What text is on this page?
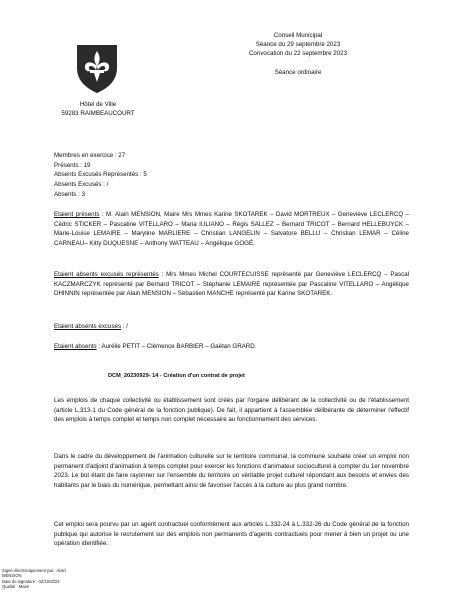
Hôtel de Ville
59283 RAIMBEAUCOURT
Conseil Municipal
Séance du 29 septembre 2023
Convocation du 22 septembre 2023
Séance ordinaire
Membres en exercice : 27
Présents : 19
Absents Excusés Représentés : 5
Absents Excusés : /
Absents : 3
Etaient présents : M. Alain MENSION, Maire Mrs Mmes Karine SKOTAREK – David MORTREUX – Geneviève LECLERCQ – Cédric STICKER – Pascaline VITELLARO – Maria IULIANO – Régis SALLEZ – Bernard TRICOT – Bernard HELLEBUYCK – Marie-Louise LEMAIRE – Maryline MARLIERE – Christian LANGELIN – Salvatore BELLU – Christian LEMAR – Céline CARNEAU– Kitty DUQUESNE – Anthony WATTEAU – Angélique GOGÉ.
Etaient absents excusés représentés : Mrs Mmes Michel COURTECUISSE représenté par Geneviève LECLERCQ – Pascal KACZMARCZYK représenté par Bernard TRICOT – Stéphanie LEMAIRE représentée par Pascaline VITELLARO – Angélique DHINNIN représentée par Alain MENSION – Sébastien MANCHE représenté par Karine SKOTAREK.
Etaient absents excusés : /
Etaient absents : Aurélie PETIT – Clémence BARBIER – Gaëtan GRARD.
DCM_20230929- 14 - Création d'un contrat de projet
Les emplois de chaque collectivité ou établissement sont créés par l'organe délibérant de la collectivité ou de l'établissement (article L.313-1 du Code général de la fonction publique). De fait, il appartient à l'assemblée délibérante de déterminer l'effectif des emplois à temps complet et temps non complet nécessaire au fonctionnement des services.
Dans le cadre du développement de l'animation culturelle sur le territoire communal, la commune souhaite créer un emploi non permanent d'adjoint d'animation à temps complet pour exercer les fonctions d'animateur socioculturel à compter du 1er novembre 2023. Le but étant de faire rayonner sur l'ensemble du territoire un véritable projet culturel répondant aux besoins et envies des habitants par le biais du numérique, permettant ainsi de favoriser l'accès à la culture au plus grand nombre.
Cet emploi sera pourvu par un agent contractuel conformément aux articles L.332-24 à L.332-26 du Code général de la fonction publique qui autorise le recrutement sur des emplois non permanents d'agents contractuels pour mener à bien un projet ou une opération identifiée.
Signé électroniquement par : Alain
MENSION
Date de signature : 02/10/2023
Qualité : Maire
